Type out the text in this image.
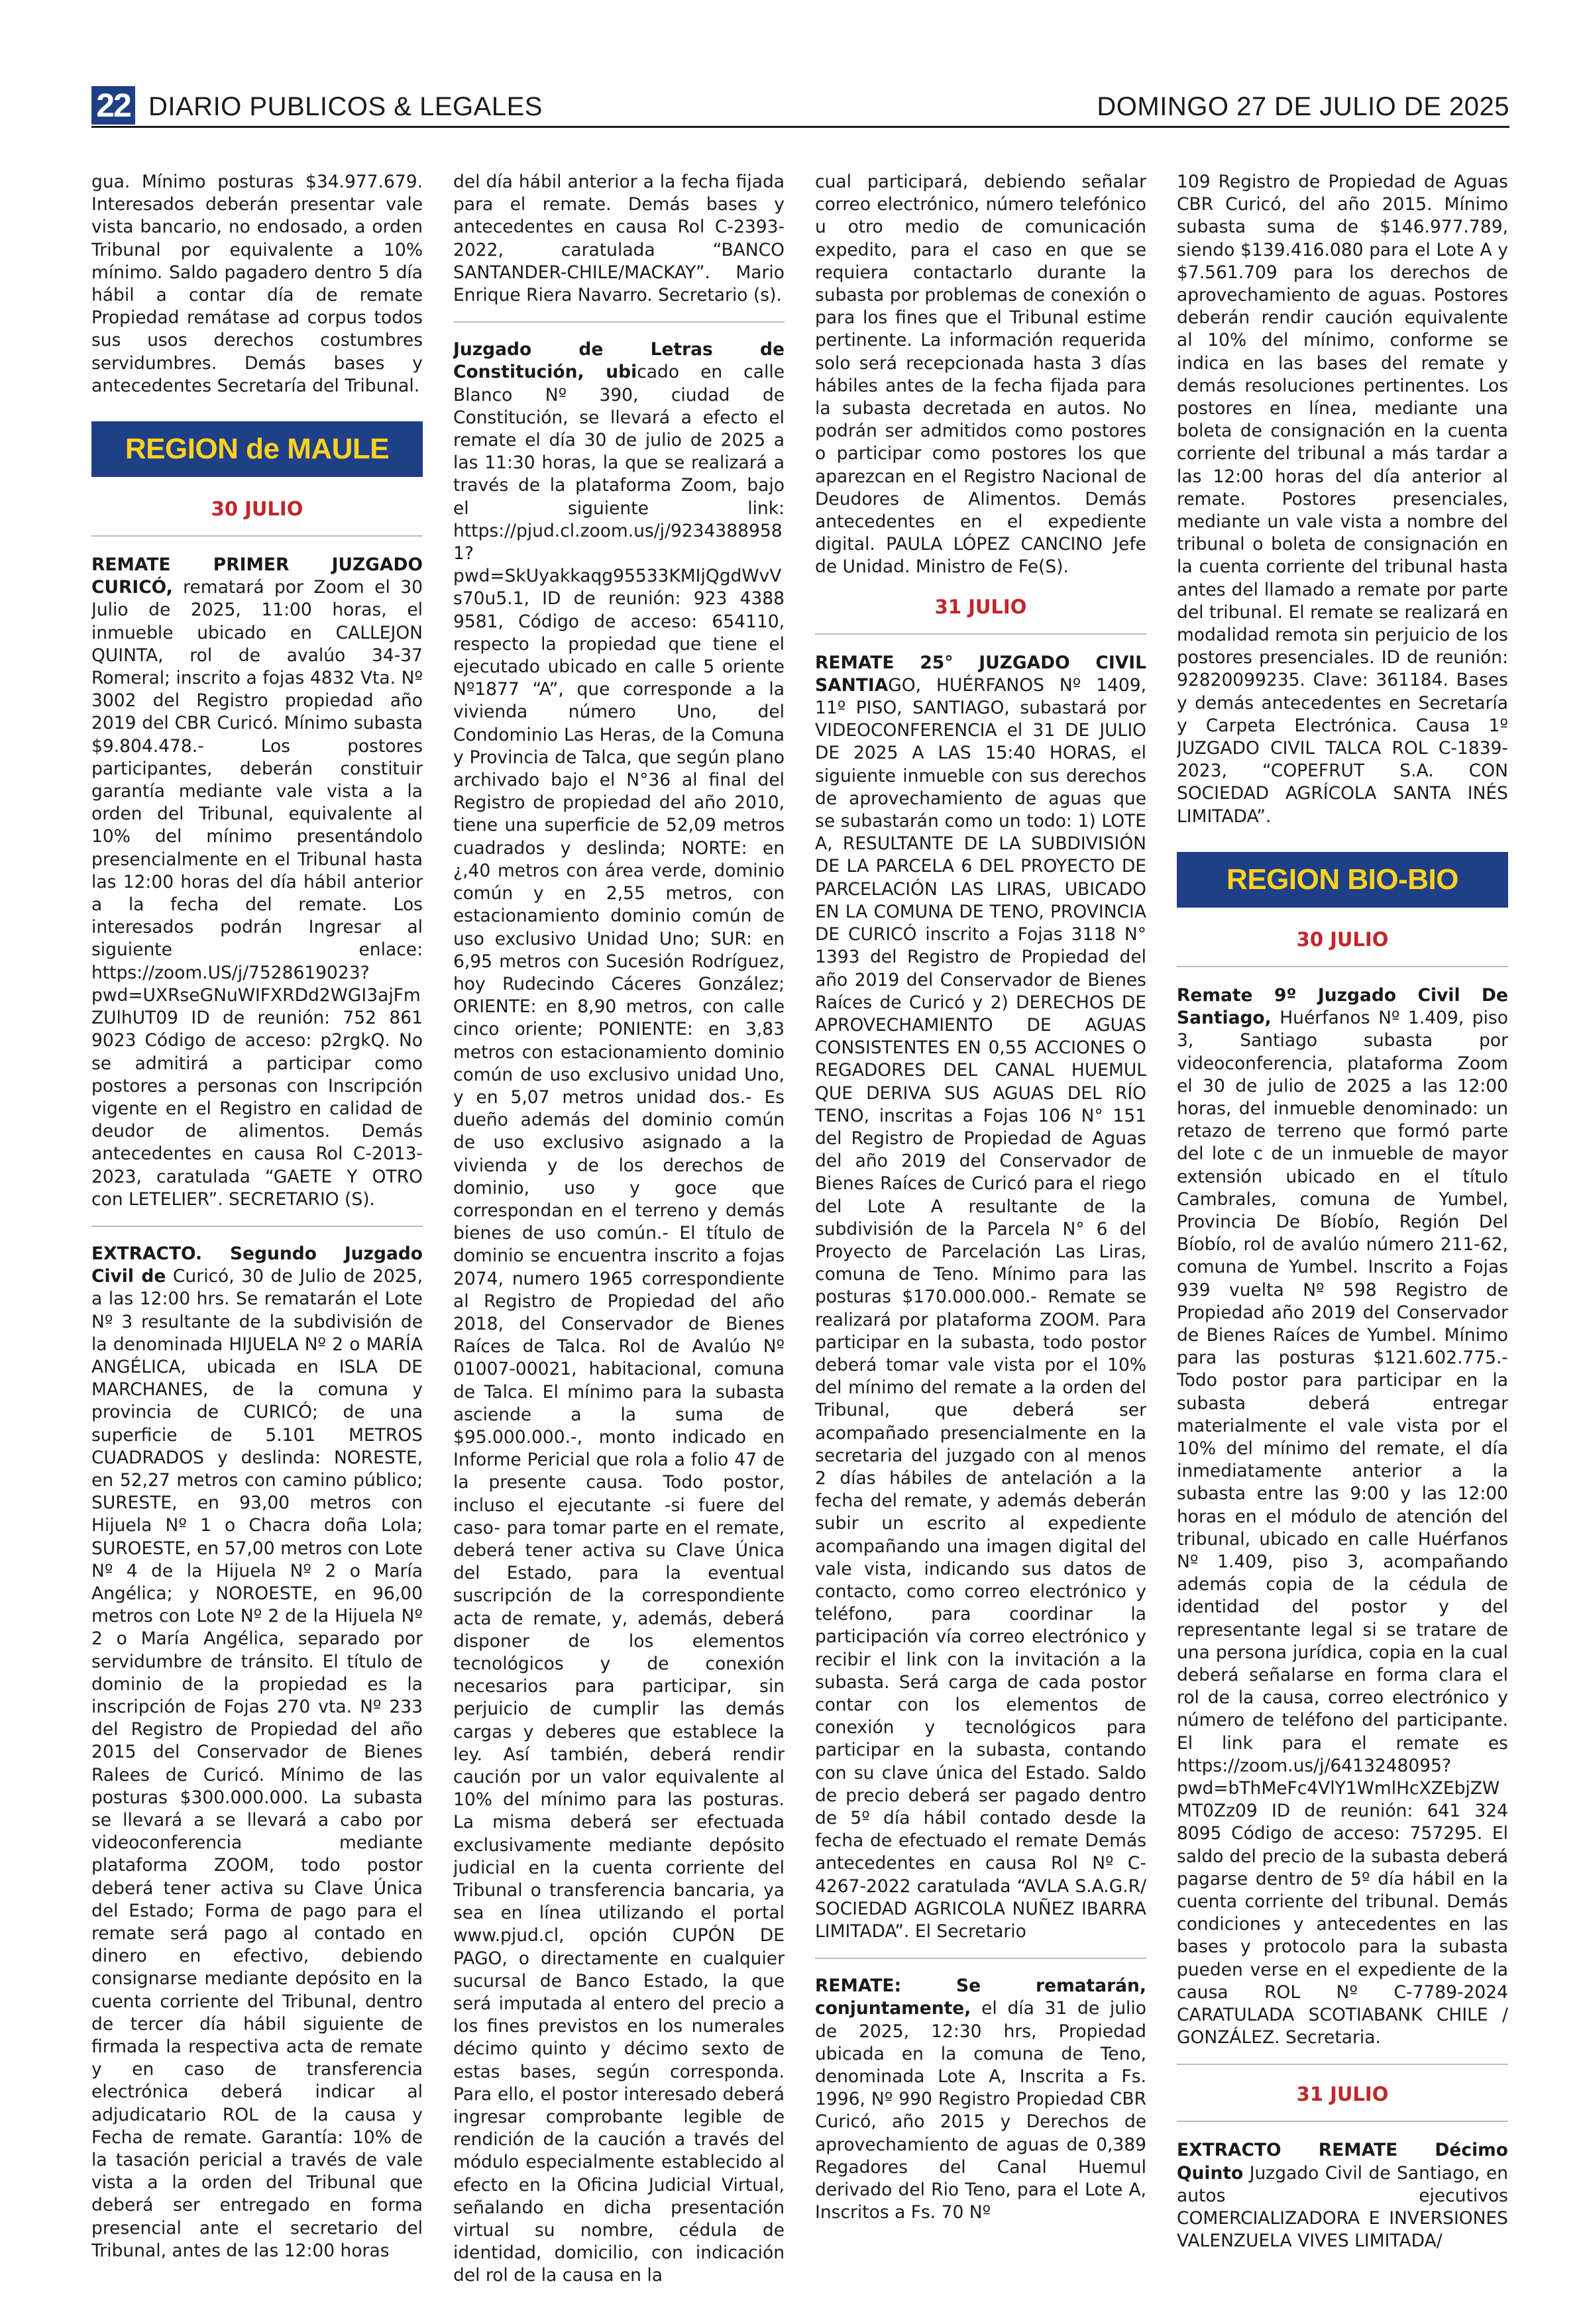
22 DIARIO PUBLICOS & LEGALES	DOMINGO 27 DE JULIO DE 2025

gua. Mínimo posturas $34.977.679. Interesados deberán presentar vale vista bancario, no endosado, a orden Tribunal por equivalente a 10% mínimo. Saldo pagadero dentro 5 día hábil a contar día de remate Propiedad remátase ad corpus todos sus usos derechos costumbres servidumbres. Demás bases y antecedentes Secretaría del Tribunal.

REGION de MAULE
30 JULIO

REMATE PRIMER JUZGADO CURICÓ, rematará por Zoom el 30 Julio de 2025, 11:00 horas, el inmueble ubicado en CALLEJON QUINTA, rol de avalúo 34-37 Romeral; inscrito a fojas 4832 Vta. Nº 3002 del Registro propiedad año 2019 del CBR Curicó. Mínimo subasta $9.804.478.- Los postores participantes, deberán constituir garantía mediante vale vista a la orden del Tribunal, equivalente al 10% del mínimo presentándolo presencialmente en el Tribunal hasta las 12:00 horas del día hábil anterior a la fecha del remate. Los interesados podrán Ingresar al siguiente enlace: https://zoom.US/j/7528619023?pwd=UXRseGNuWIFXRDd2WGI3ajFmZUlhUT09 ID de reunión: 752 861 9023 Código de acceso: p2rgkQ. No se admitirá a participar como postores a personas con Inscripción vigente en el Registro en calidad de deudor de alimentos. Demás antecedentes en causa Rol C-2013-2023, caratulada “GAETE Y OTRO con LETELIER”. SECRETARIO (S).

EXTRACTO. Segundo Juzgado Civil de Curicó, 30 de Julio de 2025, a las 12:00 hrs. Se rematarán el Lote Nº 3 resultante de la subdivisión de la denominada HIJUELA Nº 2 o MARÍA ANGÉLICA, ubicada en ISLA DE MARCHANES, de la comuna y provincia de CURICÓ; de una superficie de 5.101 METROS CUADRADOS y deslinda: NORESTE, en 52,27 metros con camino público; SURESTE, en 93,00 metros con Hijuela Nº 1 o Chacra doña Lola; SUROESTE, en 57,00 metros con Lote Nº 4 de la Hijuela Nº 2 o María Angélica; y NOROESTE, en 96,00 metros con Lote Nº 2 de la Hijuela Nº 2 o María Angélica, separado por servidumbre de tránsito. El título de dominio de la propiedad es la inscripción de Fojas 270 vta. Nº 233 del Registro de Propiedad del año 2015 del Conservador de Bienes Ralees de Curicó. Mínimo de las posturas $300.000.000. La subasta se llevará a se llevará a cabo por videoconferencia mediante plataforma ZOOM, todo postor deberá tener activa su Clave Única del Estado; Forma de pago para el remate será pago al contado en dinero en efectivo, debiendo consignarse mediante depósito en la cuenta corriente del Tribunal, dentro de tercer día hábil siguiente de firmada la respectiva acta de remate y en caso de transferencia electrónica deberá indicar al adjudicatario ROL de la causa y Fecha de remate. Garantía: 10% de la tasación pericial a través de vale vista a la orden del Tribunal que deberá ser entregado en forma presencial ante el secretario del Tribunal, antes de las 12:00 horas

del día hábil anterior a la fecha fijada para el remate. Demás bases y antecedentes en causa Rol C-2393-2022, caratulada “BANCO SANTANDER-CHILE/MACKAY”. Mario Enrique Riera Navarro. Secretario (s).

Juzgado de Letras de Constitución, ubicado en calle Blanco Nº 390, ciudad de Constitución, se llevará a efecto el remate el día 30 de julio de 2025 a las 11:30 horas, la que se realizará a través de la plataforma Zoom, bajo el siguiente link: https://pjud.cl.zoom.us/j/92343889581?pwd=SkUyakkaqg95533KMIjQgdWvVs70u5.1, ID de reunión: 923 4388 9581, Código de acceso: 654110, respecto la propiedad que tiene el ejecutado ubicado en calle 5 oriente Nº1877 “A”, que corresponde a la vivienda número Uno, del Condominio Las Heras, de la Comuna y Provincia de Talca, que según plano archivado bajo el N°36 al final del Registro de propiedad del año 2010, tiene una superficie de 52,09 metros cuadrados y deslinda; NORTE: en ¿,40 metros con área verde, dominio común y en 2,55 metros, con estacionamiento dominio común de uso exclusivo Unidad Uno; SUR: en 6,95 metros con Sucesión Rodríguez, hoy Rudecindo Cáceres González; ORIENTE: en 8,90 metros, con calle cinco oriente; PONIENTE: en 3,83 metros con estacionamiento dominio común de uso exclusivo unidad Uno, y en 5,07 metros unidad dos.- Es dueño además del dominio común de uso exclusivo asignado a la vivienda y de los derechos de dominio, uso y goce que correspondan en el terreno y demás bienes de uso común.- El título de dominio se encuentra inscrito a fojas 2074, numero 1965 correspondiente al Registro de Propiedad del año 2018, del Conservador de Bienes Raíces de Talca. Rol de Avalúo Nº 01007-00021, habitacional, comuna de Talca. El mínimo para la subasta asciende a la suma de $95.000.000.-, monto indicado en Informe Pericial que rola a folio 47 de la presente causa. Todo postor, incluso el ejecutante -si fuere del caso- para tomar parte en el remate, deberá tener activa su Clave Única del Estado, para la eventual suscripción de la correspondiente acta de remate, y, además, deberá disponer de los elementos tecnológicos y de conexión necesarios para participar, sin perjuicio de cumplir las demás cargas y deberes que establece la ley. Así también, deberá rendir caución por un valor equivalente al 10% del mínimo para las posturas. La misma deberá ser efectuada exclusivamente mediante depósito judicial en la cuenta corriente del Tribunal o transferencia bancaria, ya sea en línea utilizando el portal www.pjud.cl, opción CUPÓN DE PAGO, o directamente en cualquier sucursal de Banco Estado, la que será imputada al entero del precio a los fines previstos en los numerales décimo quinto y décimo sexto de estas bases, según corresponda. Para ello, el postor interesado deberá ingresar comprobante legible de rendición de la caución a través del módulo especialmente establecido al efecto en la Oficina Judicial Virtual, señalando en dicha presentación virtual su nombre, cédula de identidad, domicilio, con indicación del rol de la causa en la

cual participará, debiendo señalar correo electrónico, número telefónico u otro medio de comunicación expedito, para el caso en que se requiera contactarlo durante la subasta por problemas de conexión o para los fines que el Tribunal estime pertinente. La información requerida solo será recepcionada hasta 3 días hábiles antes de la fecha fijada para la subasta decretada en autos. No podrán ser admitidos como postores o participar como postores los que aparezcan en el Registro Nacional de Deudores de Alimentos. Demás antecedentes en el expediente digital. PAULA LÓPEZ CANCINO Jefe de Unidad. Ministro de Fe(S).

31 JULIO

REMATE 25° JUZGADO CIVIL SANTIAGO, HUÉRFANOS Nº 1409, 11º PISO, SANTIAGO, subastará por VIDEOCONFERENCIA el 31 DE JULIO DE 2025 A LAS 15:40 HORAS, el siguiente inmueble con sus derechos de aprovechamiento de aguas que se subastarán como un todo: 1) LOTE A, RESULTANTE DE LA SUBDIVISIÓN DE LA PARCELA 6 DEL PROYECTO DE PARCELACIÓN LAS LIRAS, UBICADO EN LA COMUNA DE TENO, PROVINCIA DE CURICÓ inscrito a Fojas 3118 N° 1393 del Registro de Propiedad del año 2019 del Conservador de Bienes Raíces de Curicó y 2) DERECHOS DE APROVECHAMIENTO DE AGUAS CONSISTENTES EN 0,55 ACCIONES O REGADORES DEL CANAL HUEMUL QUE DERIVA SUS AGUAS DEL RÍO TENO, inscritas a Fojas 106 N° 151 del Registro de Propiedad de Aguas del año 2019 del Conservador de Bienes Raíces de Curicó para el riego del Lote A resultante de la subdivisión de la Parcela N° 6 del Proyecto de Parcelación Las Liras, comuna de Teno. Mínimo para las posturas $170.000.000.- Remate se realizará por plataforma ZOOM. Para participar en la subasta, todo postor deberá tomar vale vista por el 10% del mínimo del remate a la orden del Tribunal, que deberá ser acompañado presencialmente en la secretaria del juzgado con al menos 2 días hábiles de antelación a la fecha del remate, y además deberán subir un escrito al expediente acompañando una imagen digital del vale vista, indicando sus datos de contacto, como correo electrónico y teléfono, para coordinar la participación vía correo electrónico y recibir el link con la invitación a la subasta. Será carga de cada postor contar con los elementos de conexión y tecnológicos para participar en la subasta, contando con su clave única del Estado. Saldo de precio deberá ser pagado dentro de 5º día hábil contado desde la fecha de efectuado el remate Demás antecedentes en causa Rol Nº C-4267-2022 caratulada “AVLA S.A.G.R/ SOCIEDAD AGRICOLA NUÑEZ IBARRA LIMITADA”. El Secretario

REMATE: Se rematarán, conjuntamente, el día 31 de julio de 2025, 12:30 hrs, Propiedad ubicada en la comuna de Teno, denominada Lote A, Inscrita a Fs. 1996, Nº 990 Registro Propiedad CBR Curicó, año 2015 y Derechos de aprovechamiento de aguas de 0,389 Regadores del Canal Huemul derivado del Rio Teno, para el Lote A, Inscritos a Fs. 70 Nº

109 Registro de Propiedad de Aguas CBR Curicó, del año 2015. Mínimo subasta suma de $146.977.789, siendo $139.416.080 para el Lote A y $7.561.709 para los derechos de aprovechamiento de aguas. Postores deberán rendir caución equivalente al 10% del mínimo, conforme se indica en las bases del remate y demás resoluciones pertinentes. Los postores en línea, mediante una boleta de consignación en la cuenta corriente del tribunal a más tardar a las 12:00 horas del día anterior al remate. Postores presenciales, mediante un vale vista a nombre del tribunal o boleta de consignación en la cuenta corriente del tribunal hasta antes del llamado a remate por parte del tribunal. El remate se realizará en modalidad remota sin perjuicio de los postores presenciales. ID de reunión: 92820099235. Clave: 361184. Bases y demás antecedentes en Secretaría y Carpeta Electrónica. Causa 1º JUZGADO CIVIL TALCA ROL C-1839-2023, “COPEFRUT S.A. CON SOCIEDAD AGRÍCOLA SANTA INÉS LIMITADA”.

REGION BIO-BIO
30 JULIO

Remate 9º Juzgado Civil De Santiago, Huérfanos Nº 1.409, piso 3, Santiago subasta por videoconferencia, plataforma Zoom el 30 de julio de 2025 a las 12:00 horas, del inmueble denominado: un retazo de terreno que formó parte del lote c de un inmueble de mayor extensión ubicado en el título Cambrales, comuna de Yumbel, Provincia De Bíobío, Región Del Bíobío, rol de avalúo número 211-62, comuna de Yumbel. Inscrito a Fojas 939 vuelta Nº 598 Registro de Propiedad año 2019 del Conservador de Bienes Raíces de Yumbel. Mínimo para las posturas $121.602.775.- Todo postor para participar en la subasta deberá entregar materialmente el vale vista por el 10% del mínimo del remate, el día inmediatamente anterior a la subasta entre las 9:00 y las 12:00 horas en el módulo de atención del tribunal, ubicado en calle Huérfanos Nº 1.409, piso 3, acompañando además copia de la cédula de identidad del postor y del representante legal si se tratare de una persona jurídica, copia en la cual deberá señalarse en forma clara el rol de la causa, correo electrónico y número de teléfono del participante. El link para el remate es https://zoom.us/j/6413248095?pwd=bThMeFc4VlY1WmlHcXZEbjZWMT0Zz09 ID de reunión: 641 324 8095 Código de acceso: 757295. El saldo del precio de la subasta deberá pagarse dentro de 5º día hábil en la cuenta corriente del tribunal. Demás condiciones y antecedentes en las bases y protocolo para la subasta pueden verse en el expediente de la causa ROL Nº C-7789-2024 CARATULADA SCOTIABANK CHILE / GONZÁLEZ. Secretaria.

31 JULIO

EXTRACTO REMATE Décimo Quinto Juzgado Civil de Santiago, en autos ejecutivos COMERCIALIZADORA E INVERSIONES VALENZUELA VIVES LIMITADA/
